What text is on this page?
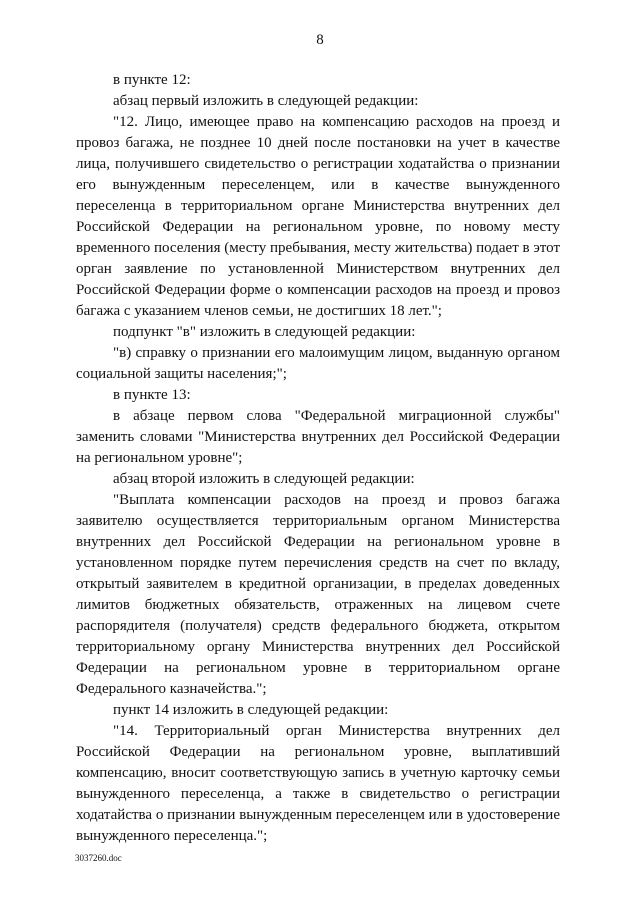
8
в пункте 12:
абзац первый изложить в следующей редакции:
"12. Лицо, имеющее право на компенсацию расходов на проезд и
провоз багажа, не позднее 10 дней после постановки на учет в качестве
лица, получившего свидетельство о регистрации ходатайства о признании
его вынужденным переселенцем, или в качестве вынужденного
переселенца в территориальном органе Министерства внутренних дел
Российской Федерации на региональном уровне, по новому месту
временного поселения (месту пребывания, месту жительства) подает в этот
орган заявление по установленной Министерством внутренних дел
Российской Федерации форме о компенсации расходов на проезд и провоз
багажа с указанием членов семьи, не достигших 18 лет.";
подпункт "в" изложить в следующей редакции:
"в) справку о признании его малоимущим лицом, выданную органом
социальной защиты населения;";
в пункте 13:
в абзаце первом слова "Федеральной миграционной службы"
заменить словами "Министерства внутренних дел Российской Федерации
на региональном уровне";
абзац второй изложить в следующей редакции:
"Выплата компенсации расходов на проезд и провоз багажа
заявителю осуществляется территориальным органом Министерства
внутренних дел Российской Федерации на региональном уровне в
установленном порядке путем перечисления средств на счет по вкладу,
открытый заявителем в кредитной организации, в пределах доведенных
лимитов бюджетных обязательств, отраженных на лицевом счете
распорядителя (получателя) средств федерального бюджета, открытом
территориальному органу Министерства внутренних дел Российской
Федерации на региональном уровне в территориальном органе
Федерального казначейства.";
пункт 14 изложить в следующей редакции:
"14. Территориальный орган Министерства внутренних дел
Российской Федерации на региональном уровне, выплативший
компенсацию, вносит соответствующую запись в учетную карточку семьи
вынужденного переселенца, а также в свидетельство о регистрации
ходатайства о признании вынужденным переселенцем или в удостоверение
вынужденного переселенца.";
3037260.doc
